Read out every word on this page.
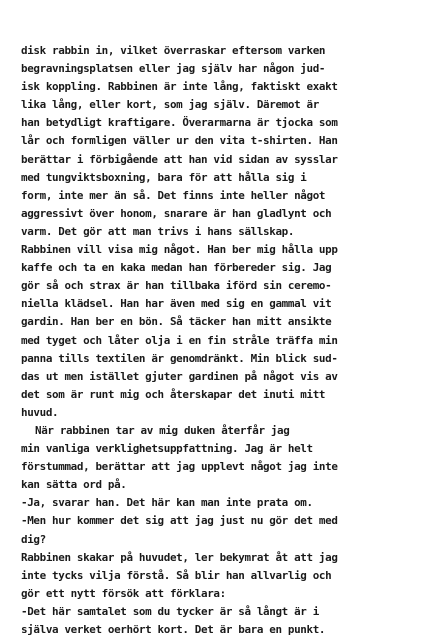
disk rabbin in, vilket överraskar eftersom varken
begravningsplatsen eller jag själv har någon jud-
isk koppling. Rabbinen är inte lång, faktiskt exakt
lika lång, eller kort, som jag själv. Däremot är
han betydligt kraftigare. Överarmarna är tjocka som
lår och formligen väller ur den vita t-shirten. Han
berättar i förbigående att han vid sidan av sysslar
med tungviktsboxning, bara för att hålla sig i
form, inte mer än så. Det finns inte heller något
aggressivt över honom, snarare är han gladlynt och
varm. Det gör att man trivs i hans sällskap.
Rabbinen vill visa mig något. Han ber mig hålla upp
kaffe och ta en kaka medan han förbereder sig. Jag
gör så och strax är han tillbaka iförd sin ceremo-
niella klädsel. Han har även med sig en gammal vit
gardin. Han ber en bön. Så täcker han mitt ansikte
med tyget och låter olja i en fin stråle träffa min
panna tills textilen är genomdränkt. Min blick sud-
das ut men istället gjuter gardinen på något vis av
det som är runt mig och återskapar det inuti mitt
huvud.
När rabbinen tar av mig duken återfår jag
min vanliga verklighetsuppfattning. Jag är helt
förstummad, berättar att jag upplevt något jag inte
kan sätta ord på.
-Ja, svarar han. Det här kan man inte prata om.
-Men hur kommer det sig att jag just nu gör det med
dig?
Rabbinen skakar på huvudet, ler bekymrat åt att jag
inte tycks vilja förstå. Så blir han allvarlig och
gör ett nytt försök att förklara:
-Det här samtalet som du tycker är så långt är i
själva verket oerhört kort. Det är bara en punkt.
